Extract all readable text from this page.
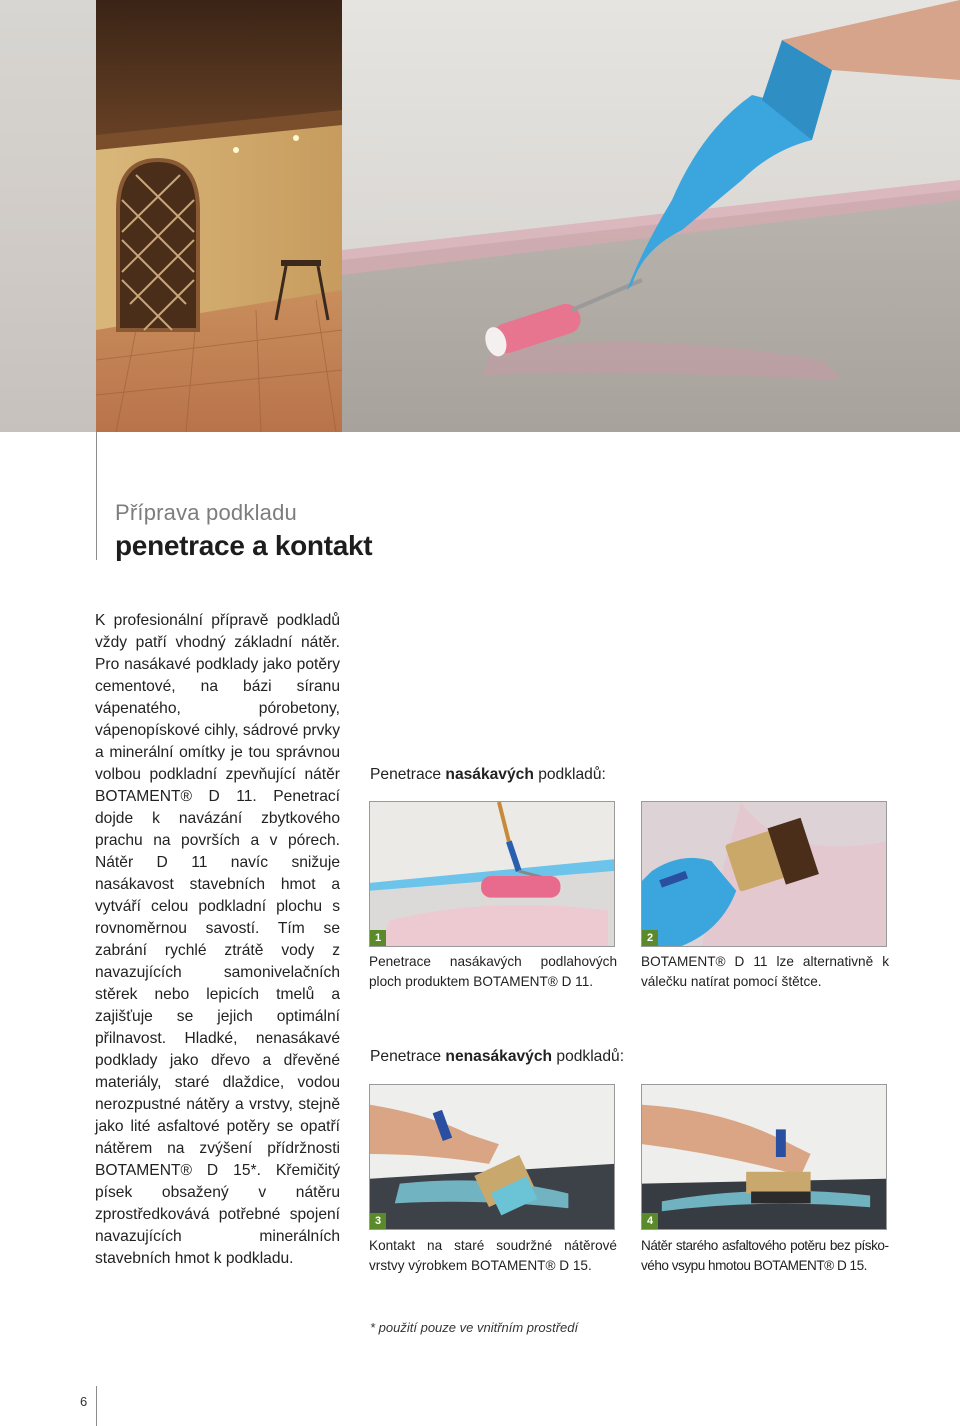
Příprava podkladu
penetrace a kontakt

K profesionální přípravě podkladů vždy patří vhodný základní nátěr. Pro nasákavé podklady jako potěry cementové, na bázi síranu vápenatého, pórobetony, vápenopískové cihly, sádrové prvky a minerální omítky je tou správnou volbou podkladní zpevňující nátěr BOTAMENT® D 11. Penetrací dojde k navázání zbytkového prachu na površích a v pórech. Nátěr D 11 navíc snižuje nasákavost stavebních hmot a vytváří celou podkladní plochu s rovnoměrnou savostí. Tím se zabrání rychlé ztrátě vody z navazujících samonivelačních stěrek nebo lepicích tmelů a zajišťuje se jejich optimální přilnavost. Hladké, nenasákavé podklady jako dřevo a dřevěné materiály, staré dlaždice, vodou nerozpustné nátěry a vrstvy, stejně jako lité asfaltové potěry se opatří nátěrem na zvýšení přídržnosti BOTAMENT® D 15*. Křemičitý písek obsažený v nátěru zprostředkovává potřebné spojení navazujících minerálních stavebních hmot k podkladu.

Penetrace nasákavých podkladů:
1	2
Penetrace nasákavých podlahových ploch produktem BOTAMENT® D 11.
BOTAMENT® D 11 lze alternativně k válečku natírat pomocí štětce.
Penetrace nenasákavých podkladů:
3	4
Kontakt na staré soudržné nátěrové vrstvy výrobkem BOTAMENT® D 15.
Nátěr starého asfaltového potěru bez pískového vsypu hmotou BOTAMENT® D 15.
* použití pouze ve vnitřním prostředí
6
